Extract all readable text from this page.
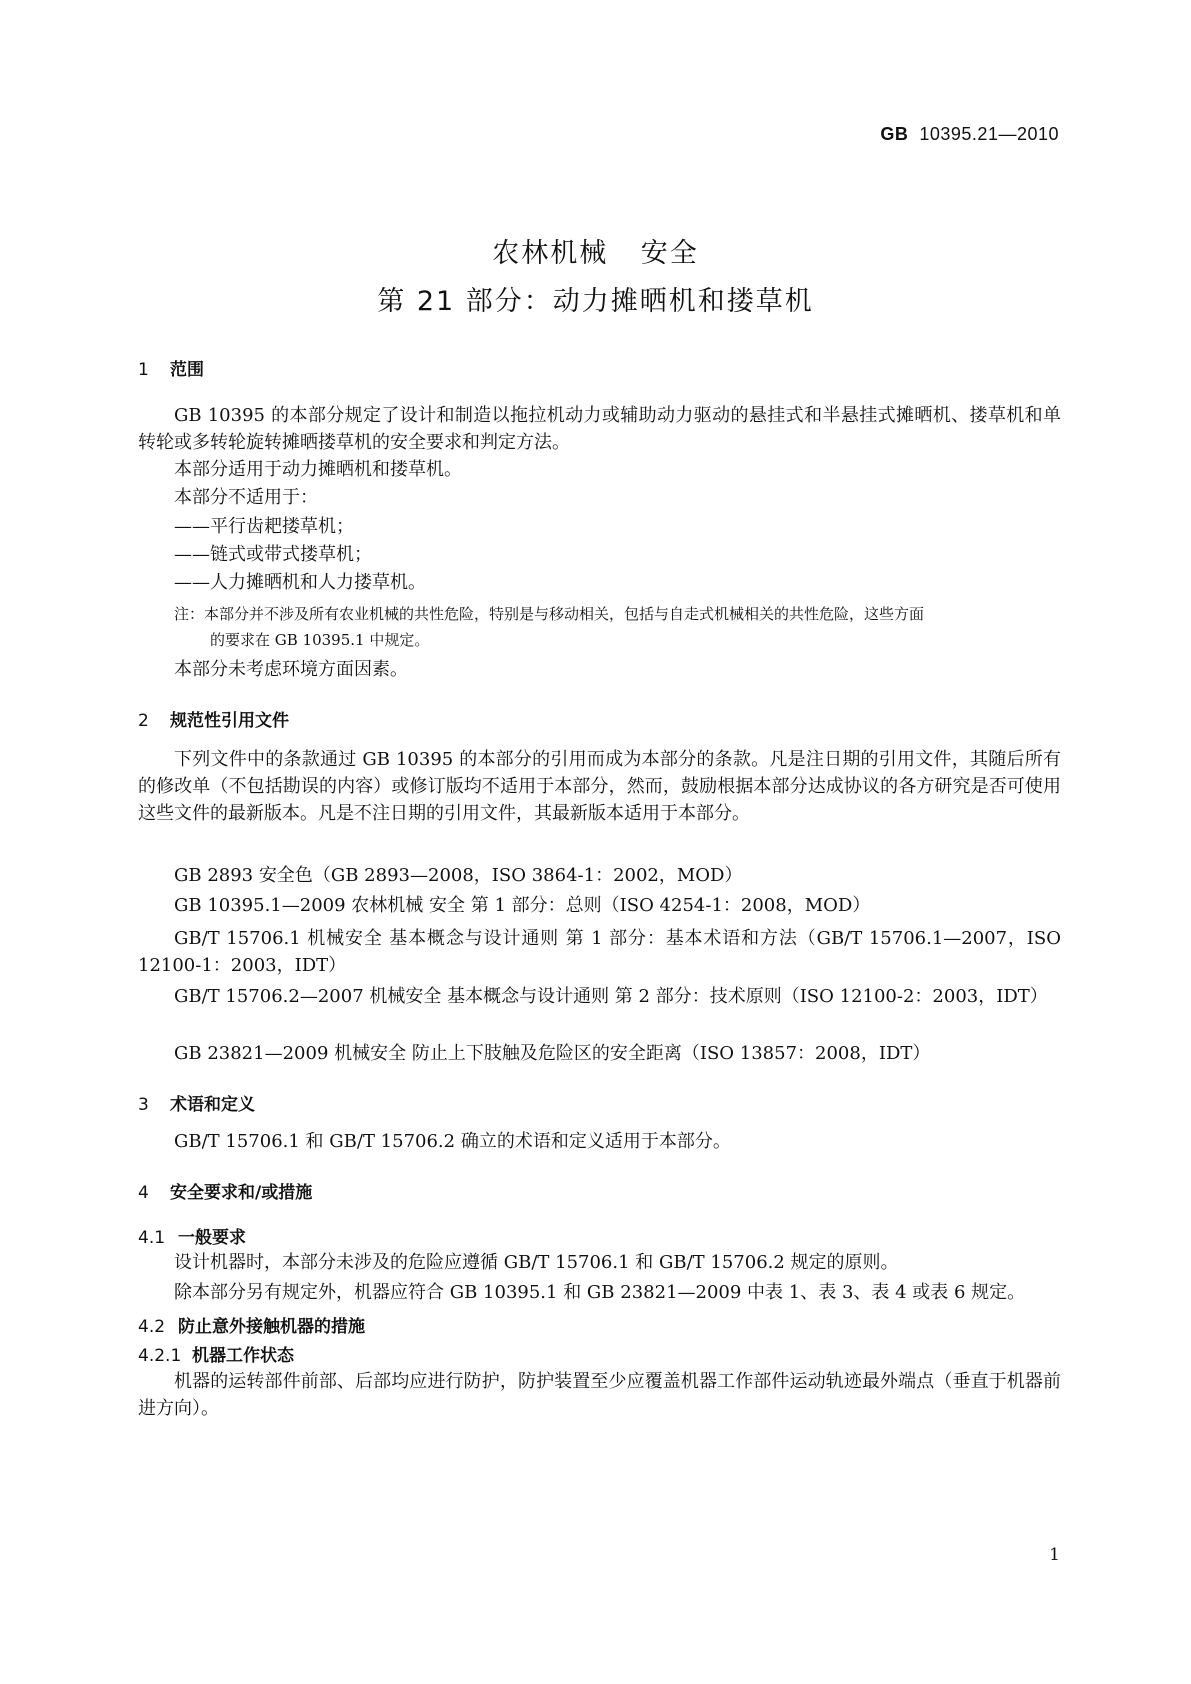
GB 10395.21—2010
农林机械 安全
第 21 部分：动力摊晒机和搂草机
1 范围
GB 10395 的本部分规定了设计和制造以拖拉机动力或辅助动力驱动的悬挂式和半悬挂式摊晒机、搂草机和单转轮或多转轮旋转摊晒搂草机的安全要求和判定方法。
本部分适用于动力摊晒机和搂草机。
本部分不适用于：
——平行齿耙搂草机；
——链式或带式搂草机；
——人力摊晒机和人力搂草机。
注：本部分并不涉及所有农业机械的共性危险，特别是与移动相关，包括与自走式机械相关的共性危险，这些方面
的要求在 GB 10395.1 中规定。
本部分未考虑环境方面因素。
2 规范性引用文件
下列文件中的条款通过 GB 10395 的本部分的引用而成为本部分的条款。凡是注日期的引用文件，其随后所有的修改单（不包括勘误的内容）或修订版均不适用于本部分，然而，鼓励根据本部分达成协议的各方研究是否可使用这些文件的最新版本。凡是不注日期的引用文件，其最新版本适用于本部分。
GB 2893 安全色（GB 2893—2008，ISO 3864-1：2002，MOD）
GB 10395.1—2009 农林机械 安全 第 1 部分：总则（ISO 4254-1：2008，MOD）
GB/T 15706.1 机械安全 基本概念与设计通则 第 1 部分：基本术语和方法（GB/T 15706.1—2007，ISO 12100-1：2003，IDT）
GB/T 15706.2—2007 机械安全 基本概念与设计通则 第 2 部分：技术原则（ISO 12100-2：2003，IDT）
GB 23821—2009 机械安全 防止上下肢触及危险区的安全距离（ISO 13857：2008，IDT）
3 术语和定义
GB/T 15706.1 和 GB/T 15706.2 确立的术语和定义适用于本部分。
4 安全要求和/或措施
4.1 一般要求
设计机器时，本部分未涉及的危险应遵循 GB/T 15706.1 和 GB/T 15706.2 规定的原则。
除本部分另有规定外，机器应符合 GB 10395.1 和 GB 23821—2009 中表 1、表 3、表 4 或表 6 规定。
4.2 防止意外接触机器的措施
4.2.1 机器工作状态
机器的运转部件前部、后部均应进行防护，防护装置至少应覆盖机器工作部件运动轨迹最外端点（垂直于机器前进方向）。
1
